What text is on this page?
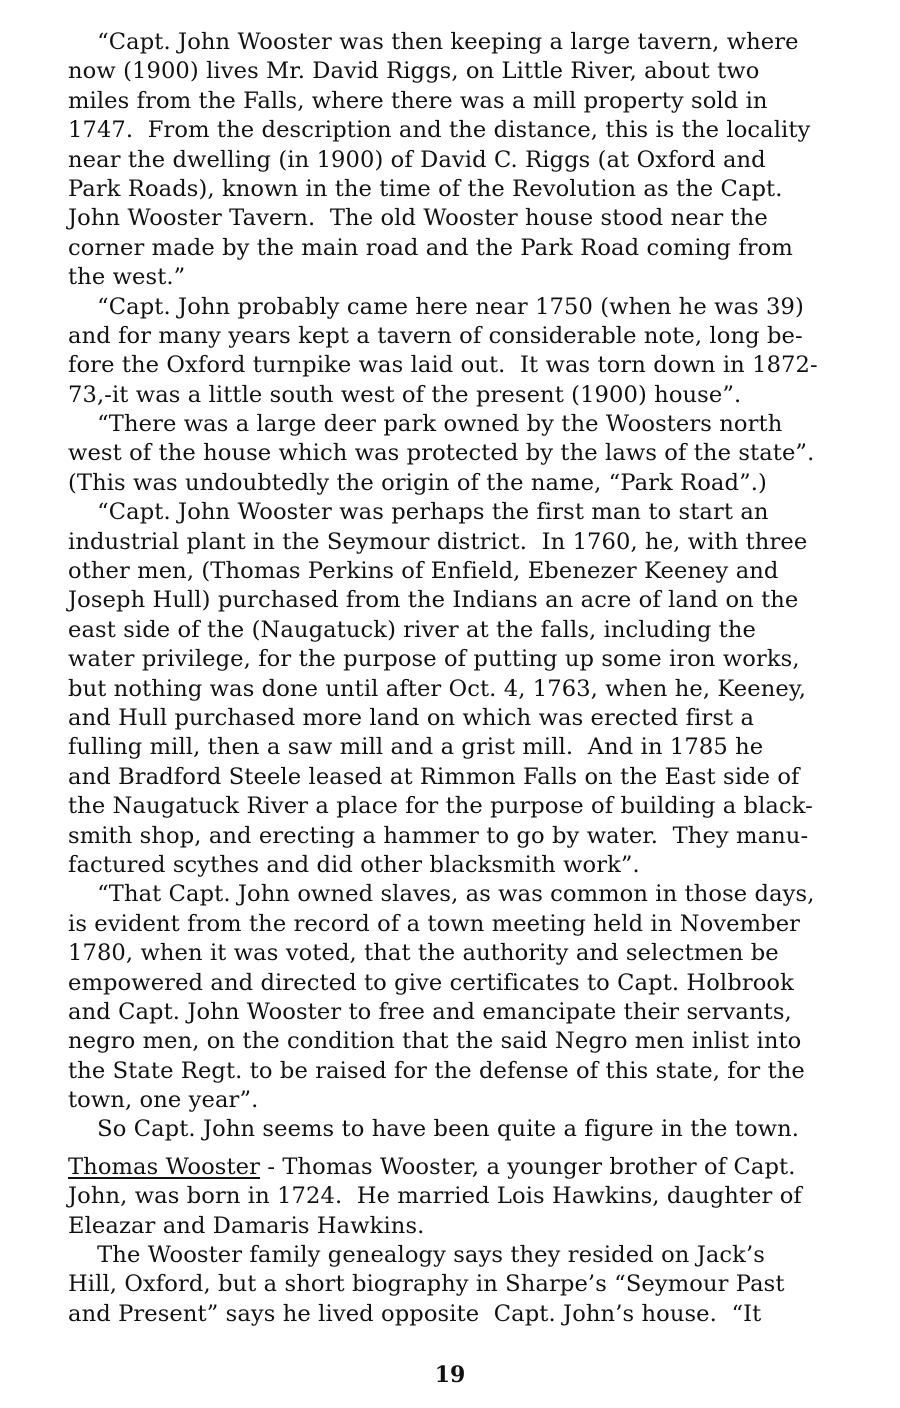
“Capt. John Wooster was then keeping a large tavern, where
now (1900) lives Mr. David Riggs, on Little River, about two
miles from the Falls, where there was a mill property sold in
1747.  From the description and the distance, this is the locality
near the dwelling (in 1900) of David C. Riggs (at Oxford and
Park Roads), known in the time of the Revolution as the Capt.
John Wooster Tavern.  The old Wooster house stood near the
corner made by the main road and the Park Road coming from
the west.”
“Capt. John probably came here near 1750 (when he was 39)
and for many years kept a tavern of considerable note, long be-
fore the Oxford turnpike was laid out.  It was torn down in 1872-
73,-it was a little south west of the present (1900) house”.
“There was a large deer park owned by the Woosters north
west of the house which was protected by the laws of the state”.
(This was undoubtedly the origin of the name, “Park Road”.)
“Capt. John Wooster was perhaps the first man to start an
industrial plant in the Seymour district.  In 1760, he, with three
other men, (Thomas Perkins of Enfield, Ebenezer Keeney and
Joseph Hull) purchased from the Indians an acre of land on the
east side of the (Naugatuck) river at the falls, including the
water privilege, for the purpose of putting up some iron works,
but nothing was done until after Oct. 4, 1763, when he, Keeney,
and Hull purchased more land on which was erected first a
fulling mill, then a saw mill and a grist mill.  And in 1785 he
and Bradford Steele leased at Rimmon Falls on the East side of
the Naugatuck River a place for the purpose of building a black-
smith shop, and erecting a hammer to go by water.  They manu-
factured scythes and did other blacksmith work”.
“That Capt. John owned slaves, as was common in those days,
is evident from the record of a town meeting held in November
1780, when it was voted, that the authority and selectmen be
empowered and directed to give certificates to Capt. Holbrook
and Capt. John Wooster to free and emancipate their servants,
negro men, on the condition that the said Negro men inlist into
the State Regt. to be raised for the defense of this state, for the
town, one year”.
So Capt. John seems to have been quite a figure in the town.
Thomas Wooster - Thomas Wooster, a younger brother of Capt.
John, was born in 1724.  He married Lois Hawkins, daughter of
Eleazar and Damaris Hawkins.
The Wooster family genealogy says they resided on Jack’s
Hill, Oxford, but a short biography in Sharpe’s “Seymour Past
and Present” says he lived opposite  Capt. John’s house.  “It
19
